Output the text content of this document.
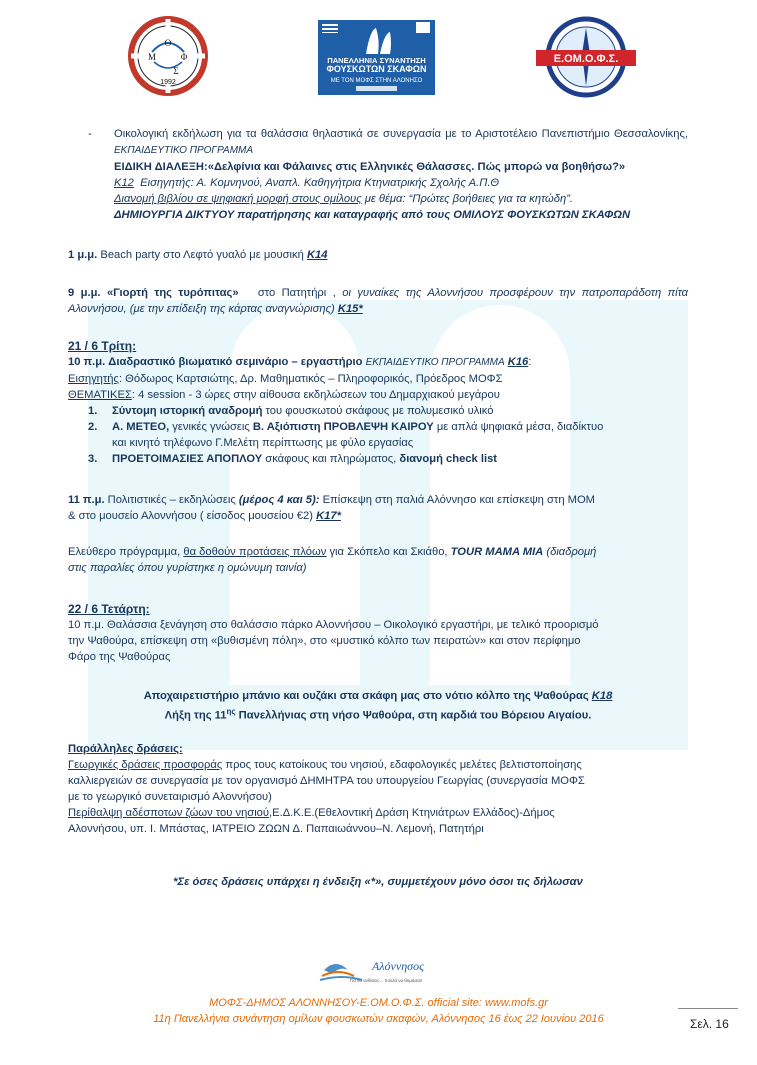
Ο
Μ	Φ
Σ
1992
ΠΑΝΕΛΛΗΝΙΑ ΣΥΝΑΝΤΗΣΗ
ΦΟΥΣΚΩΤΩΝ ΣΚΑΦΩΝ
ΜΕ ΤΟΝ ΜΟΦΣ ΣΤΗΝ ΑΛΟΝΗΣΟ
Ε.ΟΜ.Ο.Φ.Σ.
- Οικολογική εκδήλωση για τα θαλάσσια θηλαστικά σε συνεργασία με το Αριστοτέλειο Πανεπιστήμιο Θεσσαλονίκης, ΕΚΠΑΙΔΕΥΤΙΚΟ ΠΡΟΓΡΑΜΜΑ

ΕΙΔΙΚΗ ΔΙΑΛΕΞΗ:«Δελφίνια και Φάλαινες στις Ελληνικές Θάλασσες. Πώς μπορώ να βοηθήσω?»

Κ12 Εισηγητής: Α. Κομνηνού, Αναπλ. Καθηγήτρια Κτηνιατρικής Σχολής Α.Π.Θ

Διανομή βιβλίου σε ψηφιακή μορφή στους ομίλους με θέμα: “Πρώτες βοήθειες για τα κητώδη”.

ΔΗΜΙΟΥΡΓΙΑ ΔΙΚΤΥΟΥ παρατήρησης και καταγραφής από τους ΟΜΙΛΟΥΣ ΦΟΥΣΚΩΤΩΝ ΣΚΑΦΩΝ

1 μ.μ. Beach party στο Λεφτό γυαλό με μουσική Κ14

9 μ.μ. «Γιορτή της τυρόπιτας» στο Πατητήρι , οι γυναίκες της Αλοννήσου προσφέρουν την πατροπαράδοτη πίτα Αλοννήσου, (με την επίδειξη της κάρτας αναγνώρισης) Κ15*

21 / 6 Τρίτη:

10 π.μ. Διαδραστικό βιωματικό σεμινάριο – εργαστήριο ΕΚΠΑΙΔΕΥΤΙΚΟ ΠΡΟΓΡΑΜΜΑ Κ16:

Εισηγητής: Θόδωρος Καρτσιώτης, Δρ. Μαθηματικός – Πληροφορικός, Πρόεδρος ΜΟΦΣ

ΘΕΜΑΤΙΚΕΣ: 4 session - 3 ώρες στην αίθουσα εκδηλώσεων του Δημαρχιακού μεγάρου

1. Σύντομη ιστορική αναδρομή του φουσκωτού σκάφους με πολυμεσικό υλικό

2. Α. ΜΕΤΕΟ, γενικές γνώσεις Β. Αξιόπιστη ΠΡΟΒΛΕΨΗ ΚΑΙΡΟΥ με απλά ψηφιακά μέσα, διαδίκτυο

και κινητό τηλέφωνο Γ.Μελέτη περίπτωσης με φύλο εργασίας

3. ΠΡΟΕΤΟΙΜΑΣΙΕΣ ΑΠΟΠΛΟΥ σκάφους και πληρώματος, διανομή check list

11 π.μ. Πολιτιστικές – εκδηλώσεις (μέρος 4 και 5): Επίσκεψη στη παλιά Αλόννησο και επίσκεψη στη ΜΟΜ

& στο μουσείο Αλοννήσου ( είσοδος μουσείου €2) Κ17*

Ελεύθερο πρόγραμμα, θα δοθούν προτάσεις πλόων για Σκόπελο και Σκιάθο, TOUR MAMA MIA (διαδρομή

στις παραλίες όπου γυρίστηκε η ομώνυμη ταινία)

22 / 6 Τετάρτη:

10 π.μ. Θαλάσσια ξενάγηση στο θαλάσσιο πάρκο Αλοννήσου – Οικολογικό εργαστήρι, με τελικό προορισμό

την Ψαθούρα, επίσκεψη στη «βυθισμένη πόλη», στο «μυστικό κόλπο των πειρατών» και στον περίφημο

Φάρο της Ψαθούρας

Αποχαιρετιστήριο μπάνιο και ουζάκι στα σκάφη μας στο νότιο κόλπο της Ψαθούρας Κ18

Λήξη της $11^{\eta\varsigma}$ Πανελλήνιας στη νήσο Ψαθούρα, στη καρδιά του Βόρειου Αιγαίου.

Παράλληλες δράσεις:

Γεωργικές δράσεις προσφοράς προς τους κατοίκους του νησιού, εδαφολογικές μελέτες βελτιστοποίησης

καλλιεργειών σε συνεργασία με τον οργανισμό ΔΗΜΗΤΡΑ του υπουργείου Γεωργίας (συνεργασία ΜΟΦΣ

με το γεωργικό συνεταιρισμό Αλοννήσου)

Περίθαλψη αδέσποτων ζώων του νησιού,Ε.Δ.Κ.Ε.(Εθελοντική Δράση Κτηνιάτρων Ελλάδος)-Δήμος

Αλοννήσου, υπ. Ι. Μπάστας, ΙΑΤΡΕΙΟ ΖΩΩΝ Δ. Παπαιωάννου–Ν. Λεμονή, Πατητήρι

*Σε όσες δράσεις υπάρχει η ένδειξη «*», συμμετέχουν μόνο όσοι τις δήλωσαν
Αλόννησος
Για να ανθίσεις... πολλά να θυμάσαι!
ΜΟΦΣ-ΔΗΜΟΣ ΑΛΟΝΝΗΣΟΥ-Ε.ΟΜ.Ο.Φ.Σ. official site: www.mofs.gr
11η Πανελλήνια συνάντηση ομίλων φουσκωτών σκαφών, Αλόννησος 16 έως 22 Ιουνίου 2016	Σελ. 16
